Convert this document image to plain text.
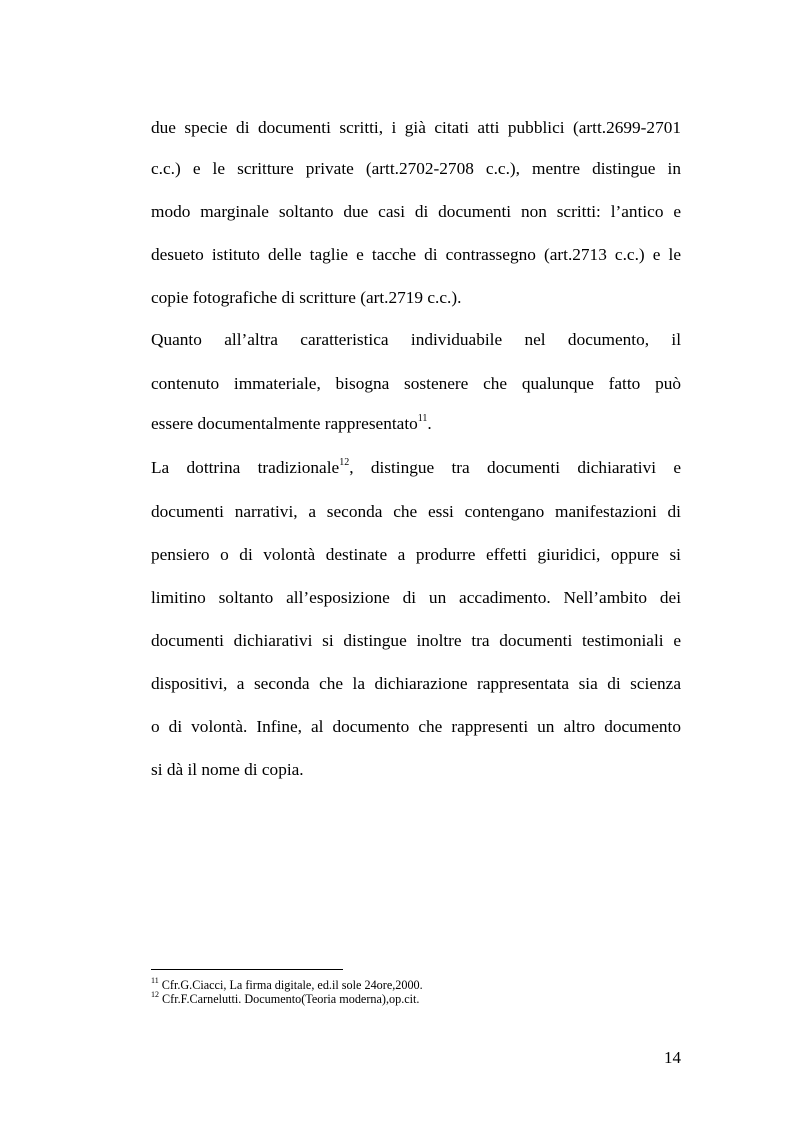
due specie di documenti scritti, i già citati atti pubblici (artt.2699-2701
c.c.) e le scritture private (artt.2702-2708 c.c.), mentre distingue in
modo marginale soltanto due casi di documenti non scritti: l’antico e
desueto istituto delle taglie e tacche di contrassegno (art.2713 c.c.) e le
copie fotografiche di scritture (art.2719 c.c.).
Quanto all’altra caratteristica individuabile nel documento, il
contenuto immateriale, bisogna sostenere che qualunque fatto può
essere documentalmente rappresentato$^{11}$.
La dottrina tradizionale$^{12}$, distingue tra documenti dichiarativi e
documenti narrativi, a seconda che essi contengano manifestazioni di
pensiero o di volontà destinate a produrre effetti giuridici, oppure si
limitino soltanto all’esposizione di un accadimento. Nell’ambito dei
documenti dichiarativi si distingue inoltre tra documenti testimoniali e
dispositivi, a seconda che la dichiarazione rappresentata sia di scienza
o di volontà. Infine, al documento che rappresenti un altro documento
si dà il nome di copia.
$^{11}$ Cfr.G.Ciacci, La firma digitale, ed.il sole 24ore,2000.
$^{12}$ Cfr.F.Carnelutti. Documento(Teoria moderna),op.cit.
14
